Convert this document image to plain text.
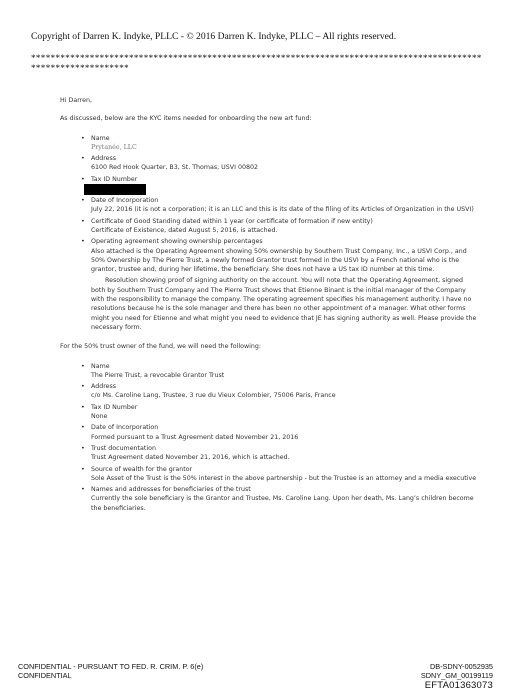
Copyright of Darren K. Indyke, PLLC - © 2016 Darren K. Indyke, PLLC – All rights reserved.
****************************************************************************************************************

Hi Darren,

As discussed, below are the KYC items needed for onboarding the new art fund:

• Name

Prytanée, LLC

• Address

6100 Red Hook Quarter, B3, St. Thomas, USVI 00802

• Tax ID Number

• Date of Incorporation

July 22, 2016 (it is not a corporation; it is an LLC and this is its date of the filing of its Articles of Organization in the USVI)

• Certificate of Good Standing dated within 1 year (or certificate of formation if new entity)

Certificate of Existence, dated August 5, 2016, is attached.

• Operating agreement showing ownership percentages

Also attached is the Operating Agreement showing 50% ownership by Southern Trust Company, Inc., a USVI Corp., and 50% Ownership by The Pierre Trust, a newly formed Grantor trust formed in the USVI by a French national who is the grantor, trustee and, during her lifetime, the beneficiary. She does not have a US tax ID number at this time.

Resolution showing proof of signing authority on the account. You will note that the Operating Agreement, signed both by Southern Trust Company and The Pierre Trust shows that Etienne Binant is the initial manager of the Company with the responsibility to manage the company. The operating agreement specifies his management authority. I have no resolutions because he is the sole manager and there has been no other appointment of a manager. What other forms might you need for Etienne and what might you need to evidence that JE has signing authority as well. Please provide the necessary form.

For the 50% trust owner of the fund, we will need the following:

• Name

The Pierre Trust, a revocable Grantor Trust

• Address

c/o Ms. Caroline Lang, Trustee, 3 rue du Vieux Colombier, 75006 Paris, France

• Tax ID Number

None

• Date of Incorporation

Formed pursuant to a Trust Agreement dated November 21, 2016

• Trust documentation

Trust Agreement dated November 21, 2016, which is attached.

• Source of wealth for the grantor

Sole Asset of the Trust is the 50% interest in the above partnership - but the Trustee is an attorney and a media executive

• Names and addresses for beneficiaries of the trust

Currently the sole beneficiary is the Grantor and Trustee, Ms. Caroline Lang. Upon her death, Ms. Lang’s children become the beneficiaries.

CONFIDENTIAL - PURSUANT TO FED. R. CRIM. P. 6(e)
CONFIDENTIAL
DB-SDNY-0052935
SDNY_GM_00199119
EFTA01363073
